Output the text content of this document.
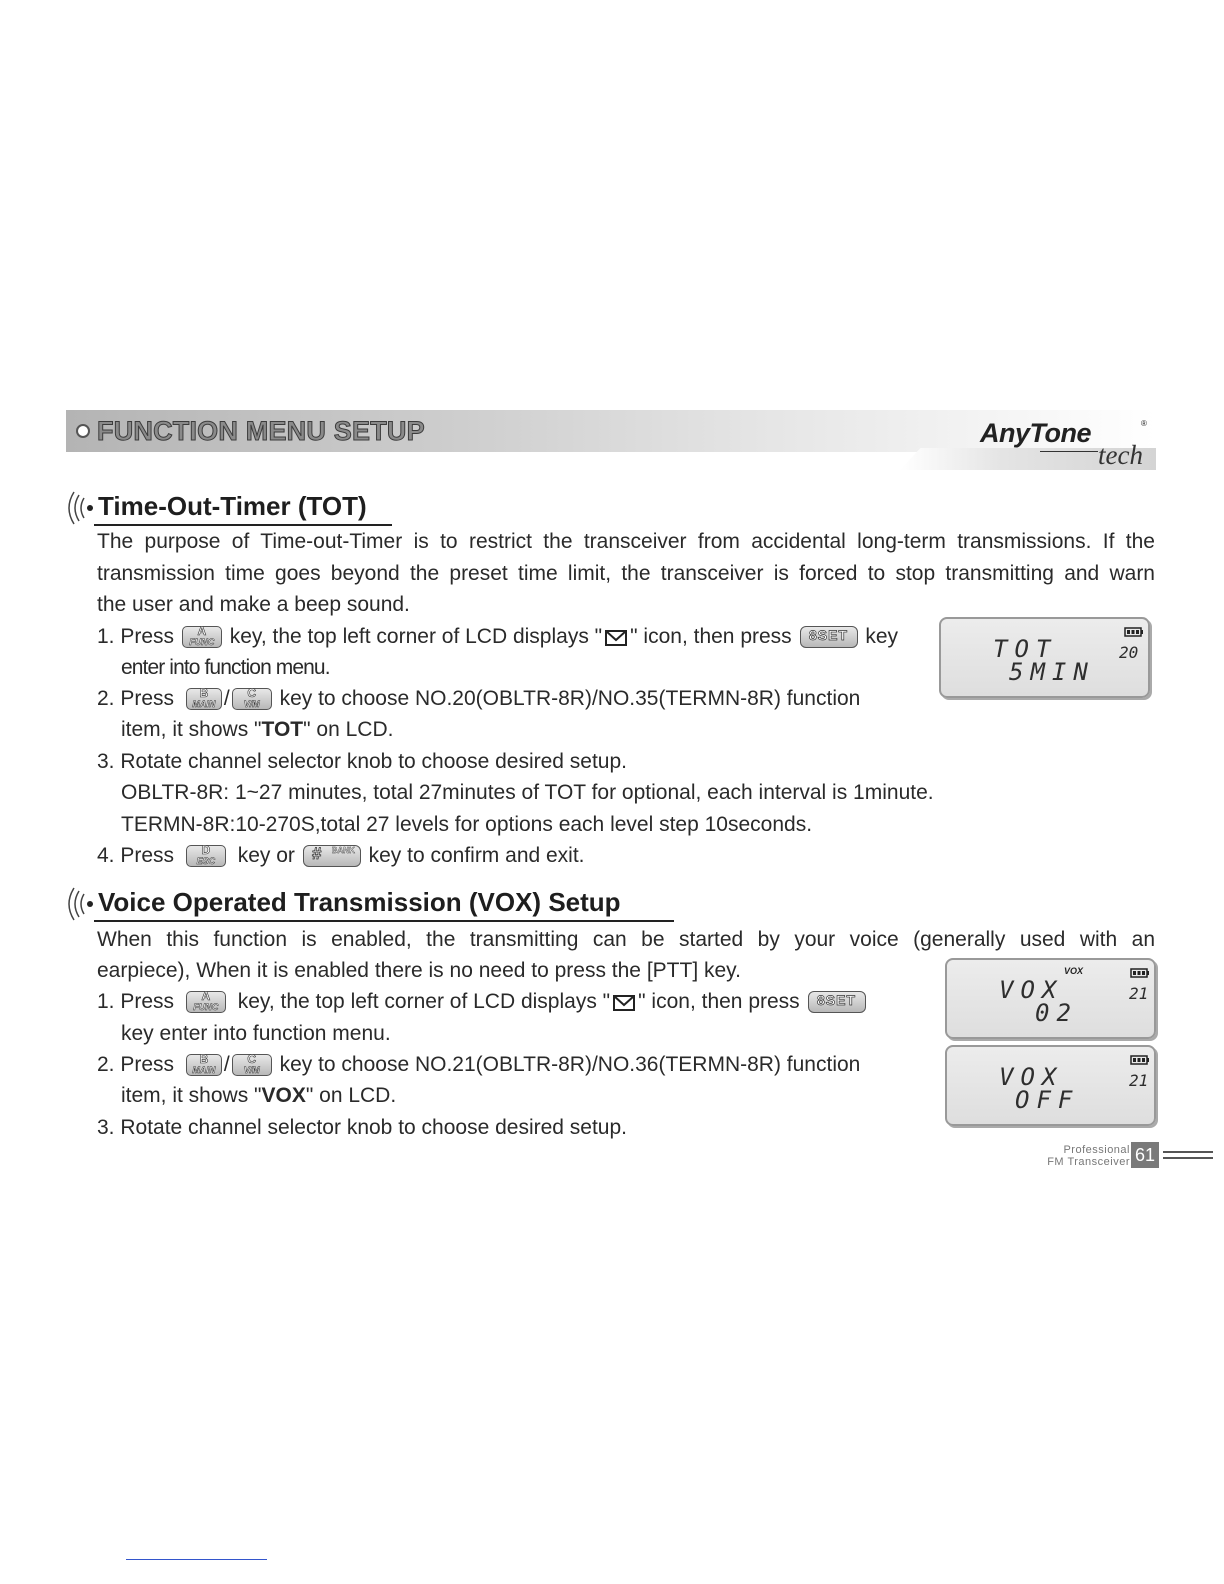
FUNCTION MENU SETUP	AnyTone	®
tech
Time-Out-Timer (TOT)
The purpose of Time-out-Timer is to restrict the transceiver from accidental long-term transmissions. If the
transmission time goes beyond the preset time limit, the transceiver is forced to stop transmitting and warn
the user and make a beep sound.
1. Press	A
FUNC key, the top left corner of LCD displays " " icon, then press	8SET key
enter into function menu.
2. Press	B
MAIN /	C
V/M key to choose NO.20(OBLTR-8R)/NO.35(TERMN-8R) function
item, it shows "TOT" on LCD.
3. Rotate channel selector knob to choose desired setup.
OBLTR-8R: 1~27 minutes, total 27minutes of TOT for optional, each interval is 1minute.
TERMN-8R:10-270S,total 27 levels for options each level step 10seconds.
4. Press	D
ESC	key or # BANK key to confirm and exit.
TOT
5MIN
20
Voice Operated Transmission (VOX) Setup
When this function is enabled, the transmitting can be started by your voice (generally used with an
earpiece), When it is enabled there is no need to press the [PTT] key.
1. Press	A
FUNC key, the top left corner of LCD displays " " icon, then press	8SET
key enter into function menu.
2. Press	B
MAIN /	C
V/M key to choose NO.21(OBLTR-8R)/NO.36(TERMN-8R) function
item, it shows "VOX" on LCD.
3. Rotate channel selector knob to choose desired setup.
VOX
VOX
02
21
VOX
OFF
21
Professional
FM Transceiver 61
